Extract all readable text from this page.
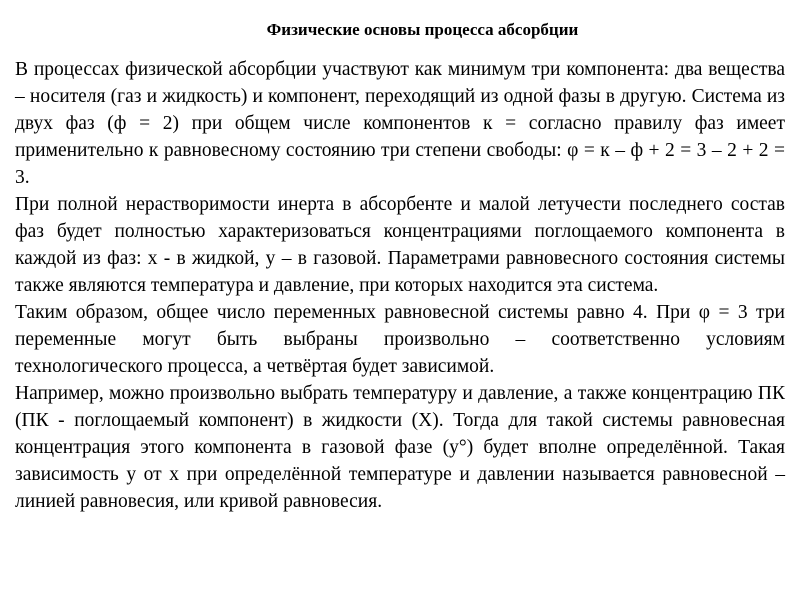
Физические основы процесса абсорбции

В процессах физической абсорбции участвуют как минимум три компонента: два вещества – носителя (газ и жидкость) и компонент, переходящий из одной фазы в другую. Система из двух фаз (ф = 2) при общем числе компонентов к = согласно правилу фаз имеет применительно к равновесному состоянию три степени свободы: φ = к – ф + 2 = 3 – 2 + 2 = 3.

При полной нерастворимости инерта в абсорбенте и малой летучести последнего состав фаз будет полностью характеризоваться концентрациями поглощаемого компонента в каждой из фаз: х - в жидкой, у – в газовой. Параметрами равновесного состояния системы также являются температура и давление, при которых находится эта система.

Таким образом, общее число переменных равновесной системы равно 4. При φ = 3 три переменные могут быть выбраны произвольно – соответственно условиям технологического процесса, а четвёртая будет зависимой.

Например, можно произвольно выбрать температуру и давление, а также концентрацию ПК (ПК - поглощаемый компонент) в жидкости (Х). Тогда для такой системы равновесная концентрация этого компонента в газовой фазе (у°) будет вполне определённой. Такая зависимость у от х при определённой температуре и давлении называется равновесной – линией равновесия, или кривой равновесия.
